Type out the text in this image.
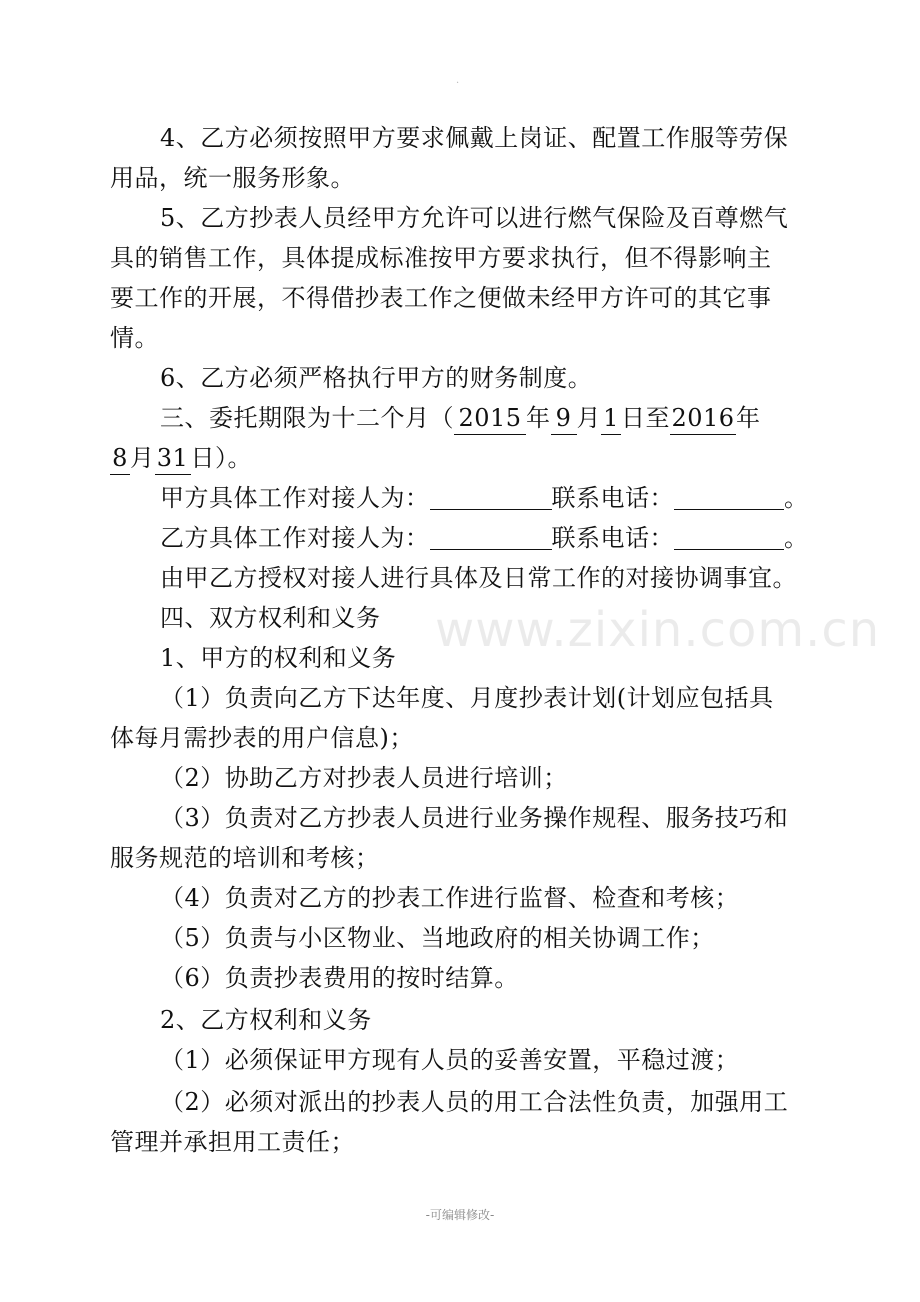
·
4、乙方必须按照甲方要求佩戴上岗证、配置工作服等劳保
用品，统一服务形象。
5、乙方抄表人员经甲方允许可以进行燃气保险及百尊燃气
具的销售工作，具体提成标准按甲方要求执行，但不得影响主
要工作的开展，不得借抄表工作之便做未经甲方许可的其它事
情。
6、乙方必须严格执行甲方的财务制度。
三、委托期限为十二个月（ 2015 年 9 月1日至2016年
8月31日）。
甲方具体工作对接人为：	联系电话：	。
乙方具体工作对接人为：	联系电话：	。
由甲乙方授权对接人进行具体及日常工作的对接协调事宜。
四、双方权利和义务
1、甲方的权利和义务
（1）负责向乙方下达年度、月度抄表计划(计划应包括具
体每月需抄表的用户信息)；
（2）协助乙方对抄表人员进行培训；
（3）负责对乙方抄表人员进行业务操作规程、服务技巧和
服务规范的培训和考核；
（4）负责对乙方的抄表工作进行监督、检查和考核；
（5）负责与小区物业、当地政府的相关协调工作；
（6）负责抄表费用的按时结算。
2、乙方权利和义务
（1）必须保证甲方现有人员的妥善安置，平稳过渡；
（2）必须对派出的抄表人员的用工合法性负责，加强用工
管理并承担用工责任；
www.zixin.com.cn
-可编辑修改-
